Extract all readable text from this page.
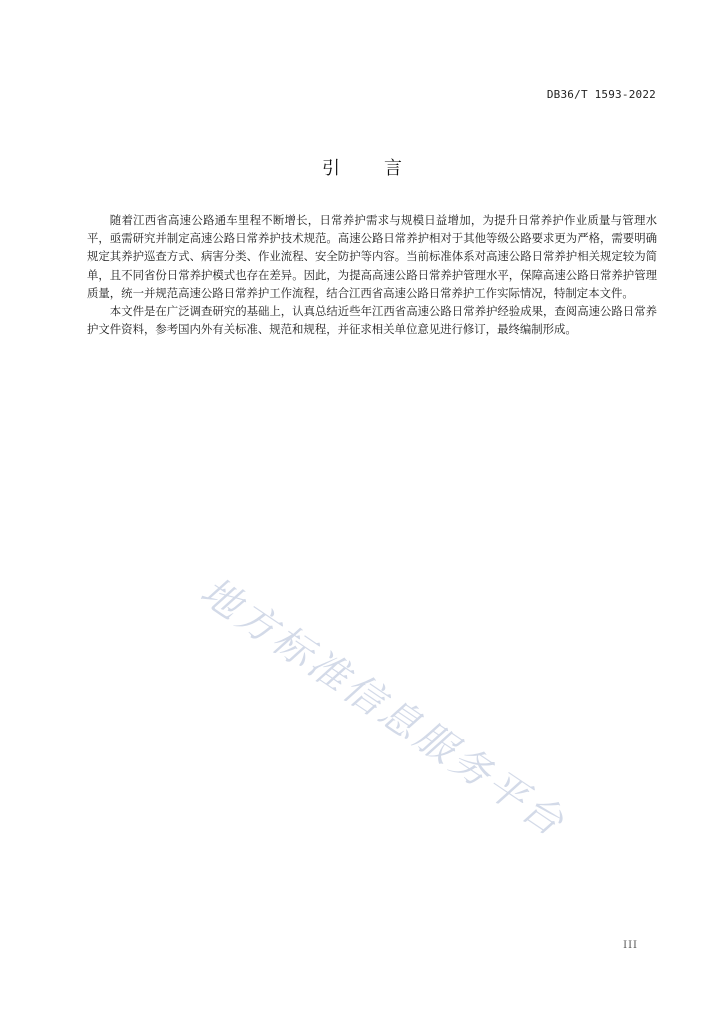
DB36/T 1593-2022
引言

随着江西省高速公路通车里程不断增长，日常养护需求与规模日益增加，为提升日常养护作业质量与管理水平，亟需研究并制定高速公路日常养护技术规范。高速公路日常养护相对于其他等级公路要求更为严格，需要明确规定其养护巡查方式、病害分类、作业流程、安全防护等内容。当前标准体系对高速公路日常养护相关规定较为简单，且不同省份日常养护模式也存在差异。因此，为提高高速公路日常养护管理水平，保障高速公路日常养护管理质量，统一并规范高速公路日常养护工作流程，结合江西省高速公路日常养护工作实际情况，特制定本文件。

本文件是在广泛调查研究的基础上，认真总结近些年江西省高速公路日常养护经验成果，查阅高速公路日常养护文件资料，参考国内外有关标准、规范和规程，并征求相关单位意见进行修订，最终编制形成。

地方标准信息服务平台
III
